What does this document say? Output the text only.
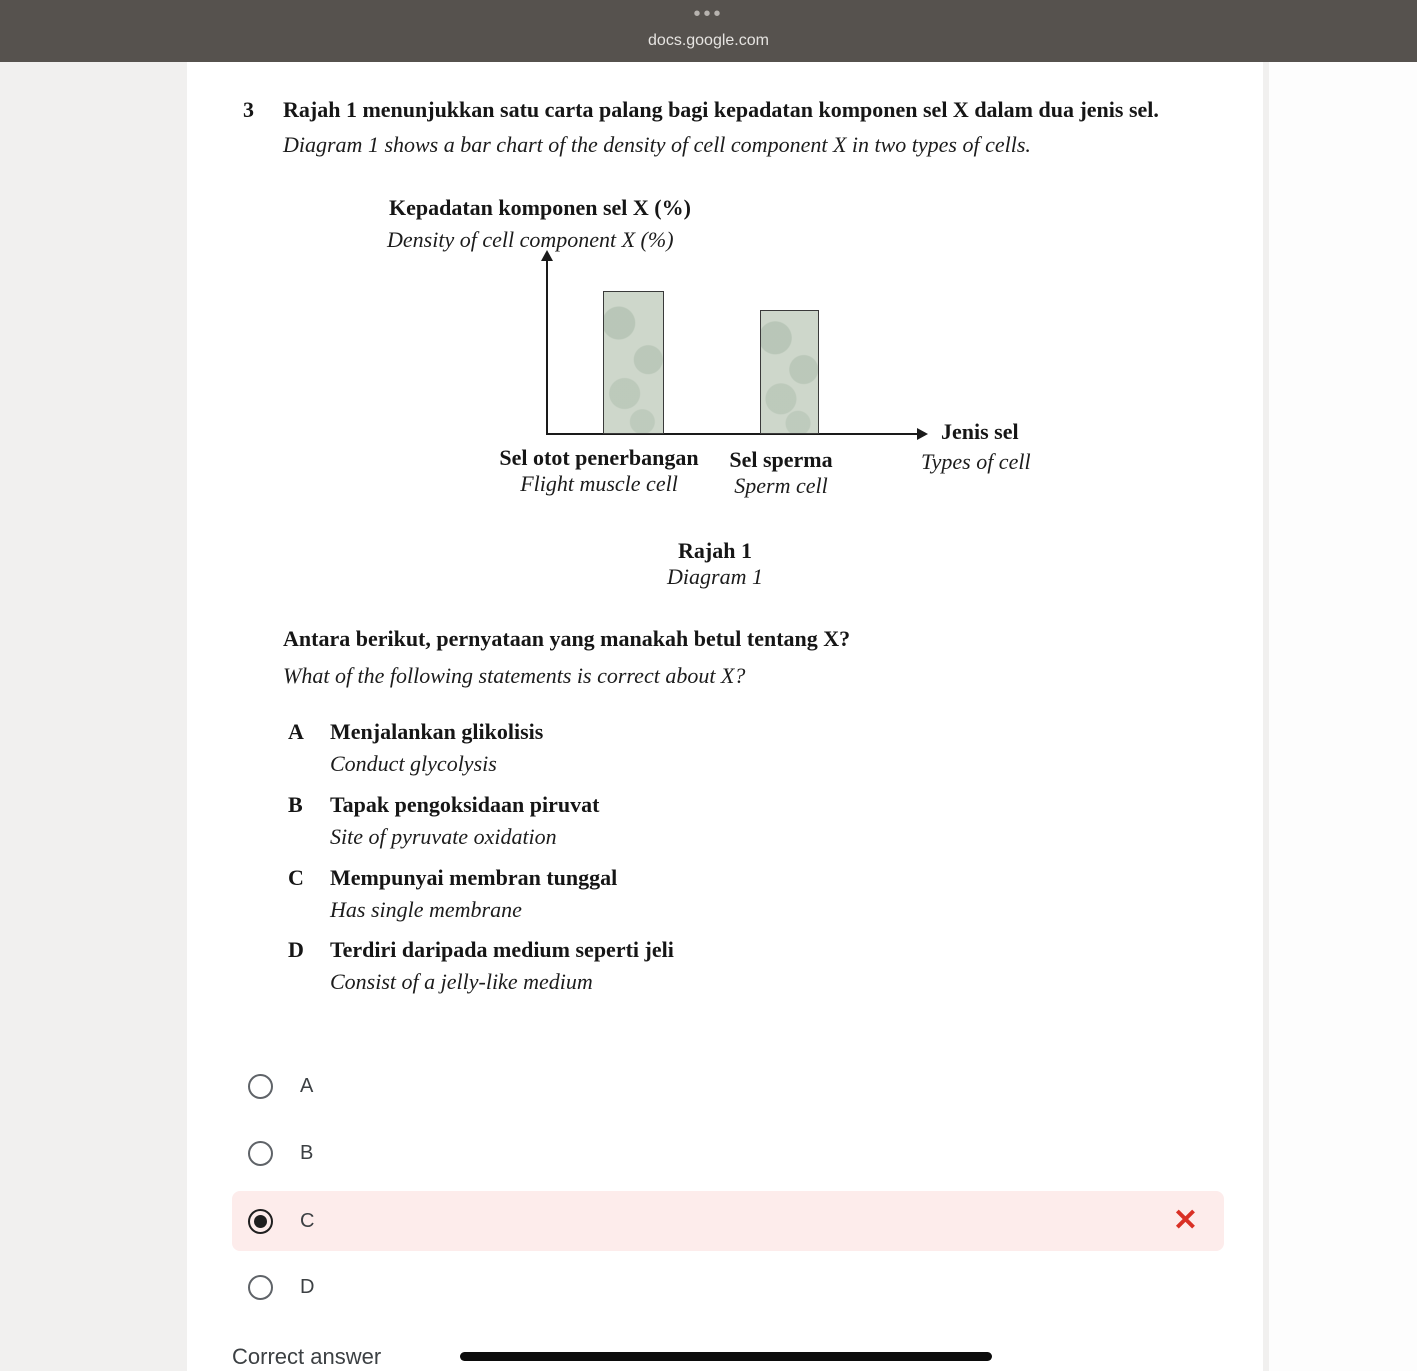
•••
docs.google.com
3 Rajah 1 menunjukkan satu carta palang bagi kepadatan komponen sel X dalam dua jenis sel.
Diagram 1 shows a bar chart of the density of cell component X in two types of cells.
Kepadatan komponen sel X (%)
Density of cell component X (%)
Jenis sel
Types of cell
Sel otot penerbangan
Flight muscle cell
Sel sperma
Sperm cell
Rajah 1
Diagram 1
Antara berikut, pernyataan yang manakah betul tentang X?
What of the following statements is correct about X?
A Menjalankan glikolisis
Conduct glycolysis
B Tapak pengoksidaan piruvat
Site of pyruvate oxidation
C Mempunyai membran tunggal
Has single membrane
D Terdiri daripada medium seperti jeli
Consist of a jelly-like medium
A
B
C	✕
D
Correct answer
